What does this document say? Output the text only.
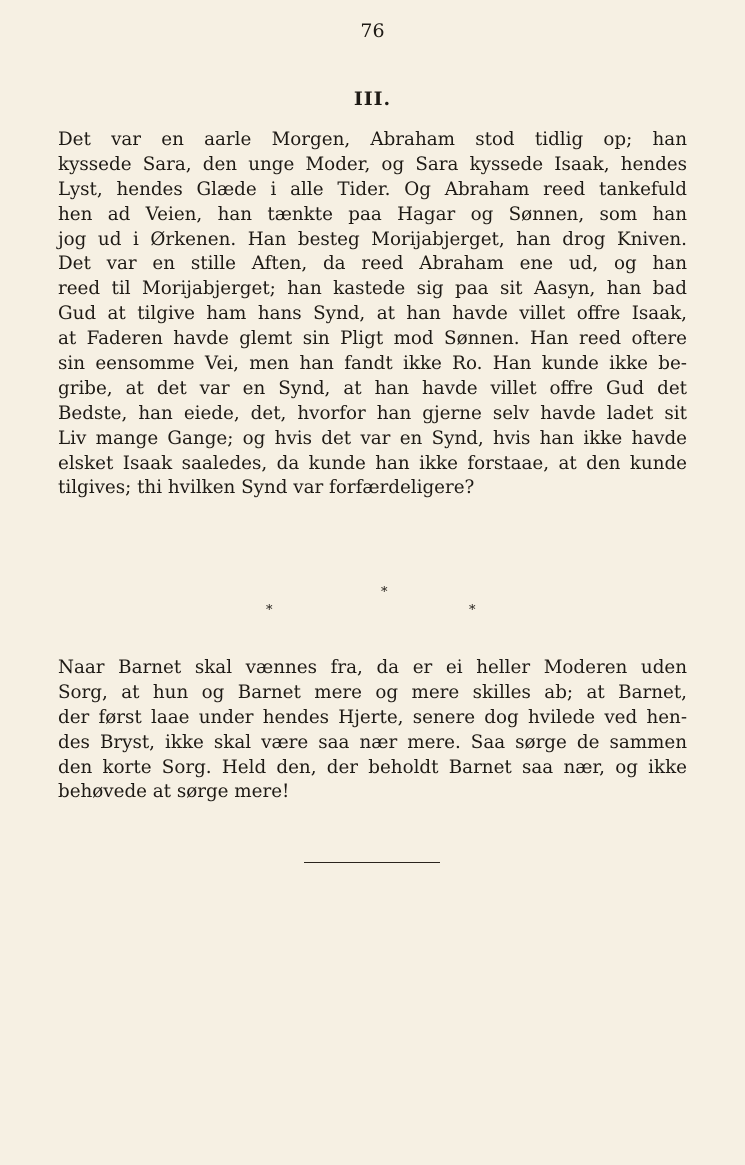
76
III.
Det var en aarle Morgen, Abraham stod tidlig op; han
kyssede Sara, den unge Moder, og Sara kyssede Isaak, hendes
Lyst, hendes Glæde i alle Tider. Og Abraham reed tankefuld
hen ad Veien, han tænkte paa Hagar og Sønnen, som han
jog ud i Ørkenen. Han besteg Morijabjerget, han drog Kniven.
Det var en stille Aften, da reed Abraham ene ud, og han
reed til Morijabjerget; han kastede sig paa sit Aasyn, han bad
Gud at tilgive ham hans Synd, at han havde villet offre Isaak,
at Faderen havde glemt sin Pligt mod Sønnen. Han reed oftere
sin eensomme Vei, men han fandt ikke Ro. Han kunde ikke be-
gribe, at det var en Synd, at han havde villet offre Gud det
Bedste, han eiede, det, hvorfor han gjerne selv havde ladet sit
Liv mange Gange; og hvis det var en Synd, hvis han ikke havde
elsket Isaak saaledes, da kunde han ikke forstaae, at den kunde
tilgives; thi hvilken Synd var forfærdeligere?
*
*	*
Naar Barnet skal vænnes fra, da er ei heller Moderen uden
Sorg, at hun og Barnet mere og mere skilles ab; at Barnet,
der først laae under hendes Hjerte, senere dog hvilede ved hen-
des Bryst, ikke skal være saa nær mere. Saa sørge de sammen
den korte Sorg. Held den, der beholdt Barnet saa nær, og ikke
behøvede at sørge mere!
